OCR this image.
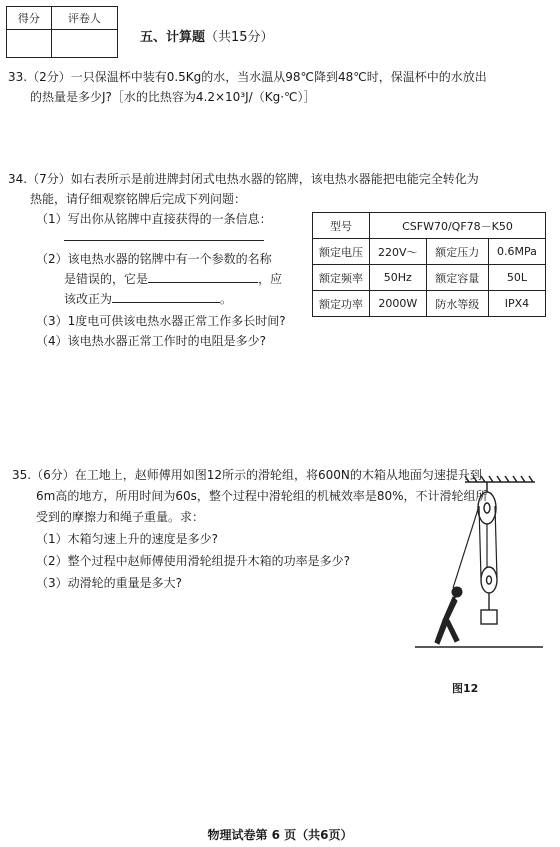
得分	评卷人

五、计算题（共15分）
33.（2分）一只保温杯中装有0.5Kg的水，当水温从98℃降到48℃时，保温杯中的水放出
的热量是多少J?［水的比热容为4.2×10³J/（Kg·℃）］
34.（7分）如右表所示是前进牌封闭式电热水器的铭牌，该电热水器能把电能完全转化为
热能，请仔细观察铭牌后完成下列问题：
（1）写出你从铭牌中直接获得的一条信息：
（2）该电热水器的铭牌中有一个参数的名称
是错误的，它是	，应
该改正为	。
（3）1度电可供该电热水器正常工作多长时间?
（4）该电热水器正常工作时的电阻是多少?
型号	CSFW70/QF78－K50		
额定电压	220V～	额定压力	0.6MPa
额定频率	50Hz	额定容量	50L
额定功率	2000W	防水等级	IPX4
35.（6分）在工地上，赵师傅用如图12所示的滑轮组，将600N的木箱从地面匀速提升到
6m高的地方，所用时间为60s，整个过程中滑轮组的机械效率是80%，不计滑轮组所
受到的摩擦力和绳子重量。求：
（1）木箱匀速上升的速度是多少?
（2）整个过程中赵师傅使用滑轮组提升木箱的功率是多少?
（3）动滑轮的重量是多大?
图12
物理试卷第 6 页（共6页）
